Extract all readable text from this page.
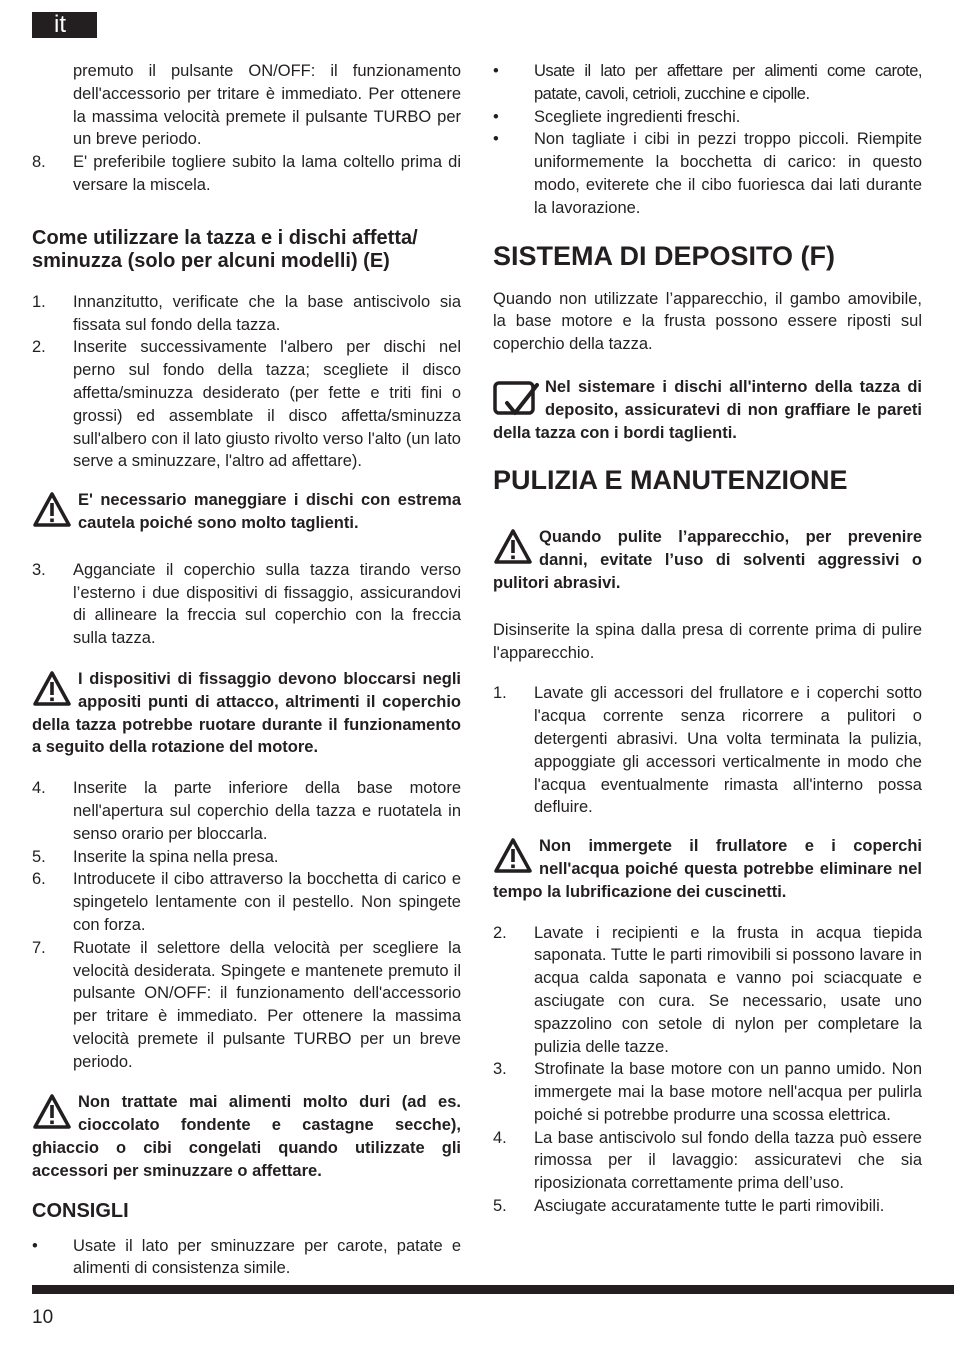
it
premuto il pulsante ON/OFF: il funzionamento dell'accessorio per tritare è immediato. Per ottenere la massima velocità premete il pulsante TURBO per un breve periodo.
8.	E' preferibile togliere subito la lama coltello prima di versare la miscela.
Come utilizzare la tazza e i dischi affetta/ sminuzza (solo per alcuni modelli) (E)
1.	Innanzitutto, verificate che la base antiscivolo sia fissata sul fondo della tazza.
2.	Inserite successivamente l'albero per dischi nel perno sul fondo della tazza; scegliete il disco affetta/sminuzza desiderato (per fette e triti fini o grossi) ed assemblate il disco affetta/sminuzza sull'albero con il lato giusto rivolto verso l'alto (un lato serve a sminuzzare, l'altro ad affettare).
E' necessario maneggiare i dischi con estrema cautela poiché sono molto taglienti.
3.	Agganciate il coperchio sulla tazza tirando verso l’esterno i due dispositivi di fissaggio, assicurandovi di allineare la freccia sul coperchio con la freccia sulla tazza.
I dispositivi di fissaggio devono bloccarsi negli appositi punti di attacco, altrimenti il coperchio della tazza potrebbe ruotare durante il funzionamento a seguito della rotazione del motore.
4.	Inserite la parte inferiore della base motore nell'apertura sul coperchio della tazza e ruotatela in senso orario per bloccarla.
5.	Inserite la spina nella presa.
6.	Introducete il cibo attraverso la bocchetta di carico e spingetelo lentamente con il pestello. Non spingete con forza.
7.	Ruotate il selettore della velocità per scegliere la velocità desiderata. Spingete e mantenete premuto il pulsante ON/OFF: il funzionamento dell'accessorio per tritare è immediato. Per ottenere la massima velocità premete il pulsante TURBO per un breve periodo.
Non trattate mai alimenti molto duri (ad es. cioccolato fondente e castagne secche), ghiaccio o cibi congelati quando utilizzate gli accessori per sminuzzare o affettare.
CONSIGLI
•	Usate il lato per sminuzzare per carote, patate e alimenti di consistenza simile.
•	Usate il lato per affettare per alimenti come carote, patate, cavoli, cetrioli, zucchine e cipolle.
•	Scegliete ingredienti freschi.
•	Non tagliate i cibi in pezzi troppo piccoli. Riempite uniformemente la bocchetta di carico: in questo modo, eviterete che il cibo fuoriesca dai lati durante la lavorazione.
SISTEMA DI DEPOSITO (F)

Quando non utilizzate l’apparecchio, il gambo amovibile, la base motore e la frusta possono essere riposti sul coperchio della tazza.

Nel sistemare i dischi all'interno della tazza di deposito, assicuratevi di non graffiare le pareti della tazza con i bordi taglienti.
PULIZIA E MANUTENZIONE
Quando pulite l’apparecchio, per prevenire danni, evitate l’uso di solventi aggressivi o pulitori abrasivi.

Disinserite la spina dalla presa di corrente prima di pulire l'apparecchio.

1.	Lavate gli accessori del frullatore e i coperchi sotto l'acqua corrente senza ricorrere a pulitori o detergenti abrasivi. Una volta terminata la pulizia, appoggiate gli accessori verticalmente in modo che l'acqua eventualmente rimasta all'interno possa defluire.
Non immergete il frullatore e i coperchi nell'acqua poiché questa potrebbe eliminare nel tempo la lubrificazione dei cuscinetti.
2.	Lavate i recipienti e la frusta in acqua tiepida saponata. Tutte le parti rimovibili si possono lavare in acqua calda saponata e vanno poi sciacquate e asciugate con cura. Se necessario, usate uno spazzolino con setole di nylon per completare la pulizia delle tazze.
3.	Strofinate la base motore con un panno umido. Non immergete mai la base motore nell'acqua per pulirla poiché si potrebbe produrre una scossa elettrica.
4.	La base antiscivolo sul fondo della tazza può essere rimossa per il lavaggio: assicuratevi che sia riposizionata correttamente prima dell’uso.
5.	Asciugate accuratamente tutte le parti rimovibili.
10
